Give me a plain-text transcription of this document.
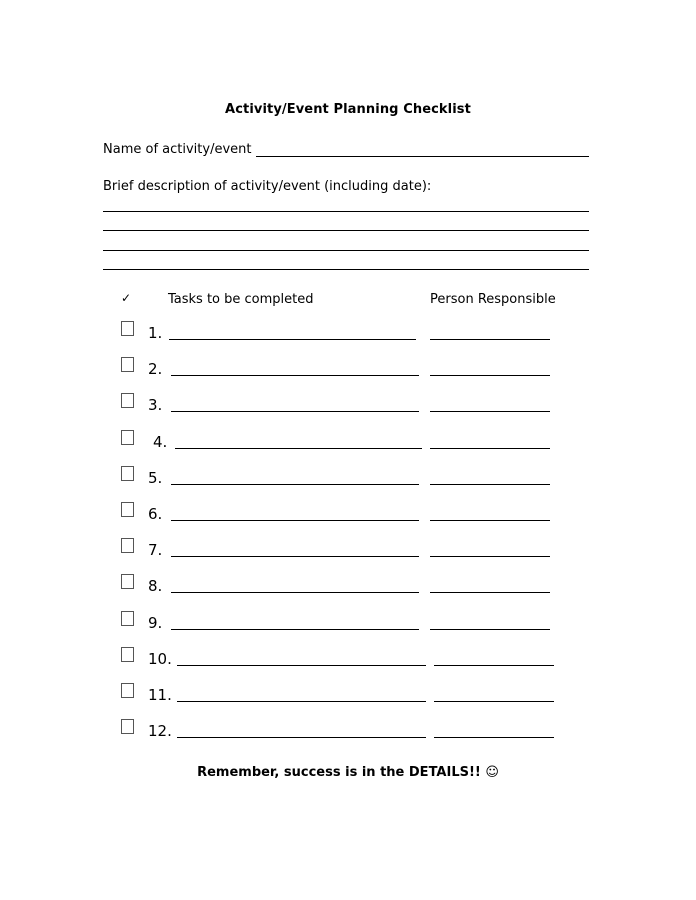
Activity/Event Planning Checklist
Name of activity/event
Brief description of activity/event (including date):
✓	Tasks to be completed	Person Responsible
1.
2.
3.
4.
5.
6.
7.
8.
9.
10.
11.
12.
Remember, success is in the DETAILS!! ☺
